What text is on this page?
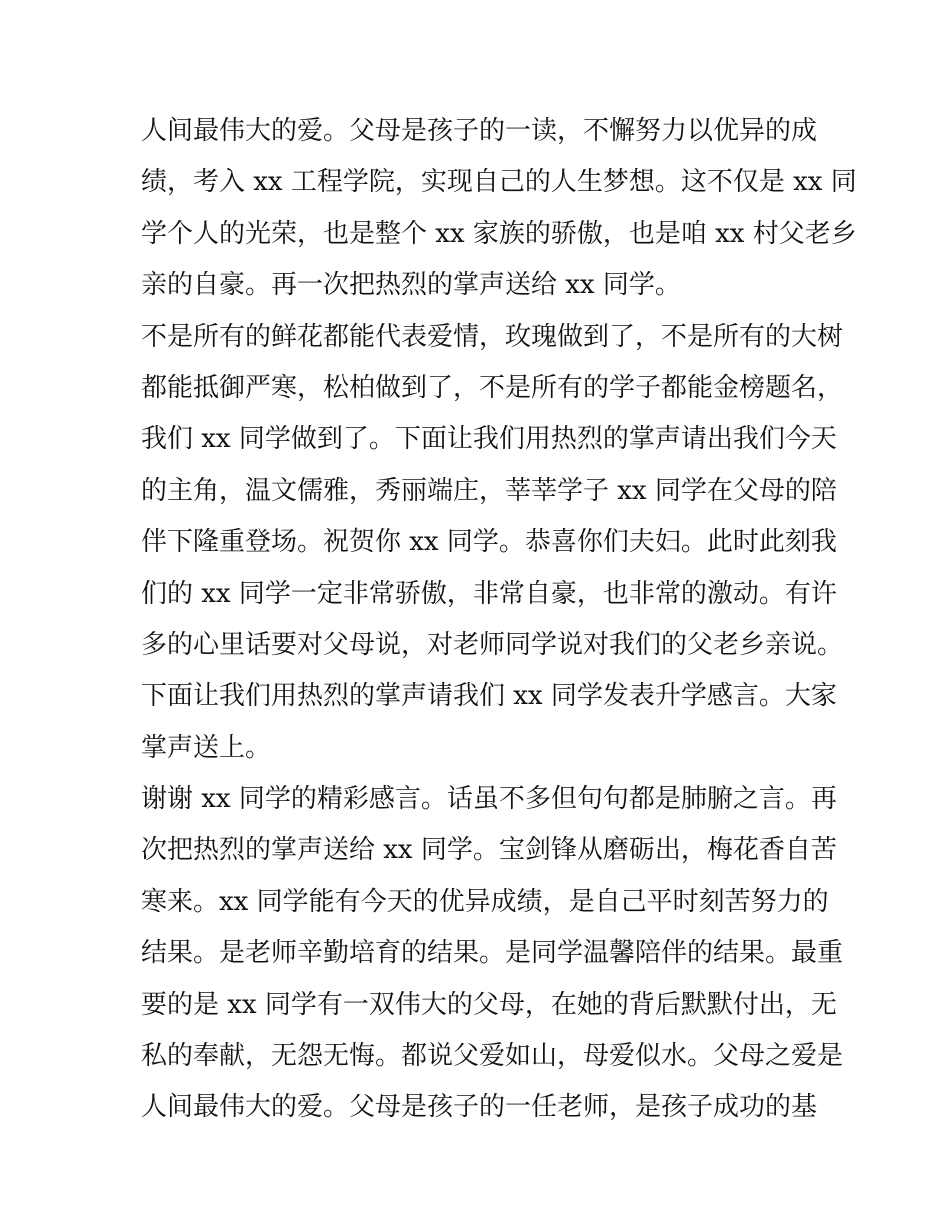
人间最伟大的爱。父母是孩子的一读，不懈努力以优异的成
绩，考入 xx 工程学院，实现自己的人生梦想。这不仅是 xx 同
学个人的光荣，也是整个 xx 家族的骄傲，也是咱 xx 村父老乡
亲的自豪。再一次把热烈的掌声送给 xx 同学。
不是所有的鲜花都能代表爱情，玫瑰做到了，不是所有的大树
都能抵御严寒，松柏做到了，不是所有的学子都能金榜题名，
我们 xx 同学做到了。下面让我们用热烈的掌声请出我们今天
的主角，温文儒雅，秀丽端庄，莘莘学子 xx 同学在父母的陪
伴下隆重登场。祝贺你 xx 同学。恭喜你们夫妇。此时此刻我
们的 xx 同学一定非常骄傲，非常自豪，也非常的激动。有许
多的心里话要对父母说，对老师同学说对我们的父老乡亲说。
下面让我们用热烈的掌声请我们 xx 同学发表升学感言。大家
掌声送上。
谢谢 xx 同学的精彩感言。话虽不多但句句都是肺腑之言。再
次把热烈的掌声送给 xx 同学。宝剑锋从磨砺出，梅花香自苦
寒来。xx 同学能有今天的优异成绩，是自己平时刻苦努力的
结果。是老师辛勤培育的结果。是同学温馨陪伴的结果。最重
要的是 xx 同学有一双伟大的父母，在她的背后默默付出，无
私的奉献，无怨无悔。都说父爱如山，母爱似水。父母之爱是
人间最伟大的爱。父母是孩子的一任老师，是孩子成功的基
